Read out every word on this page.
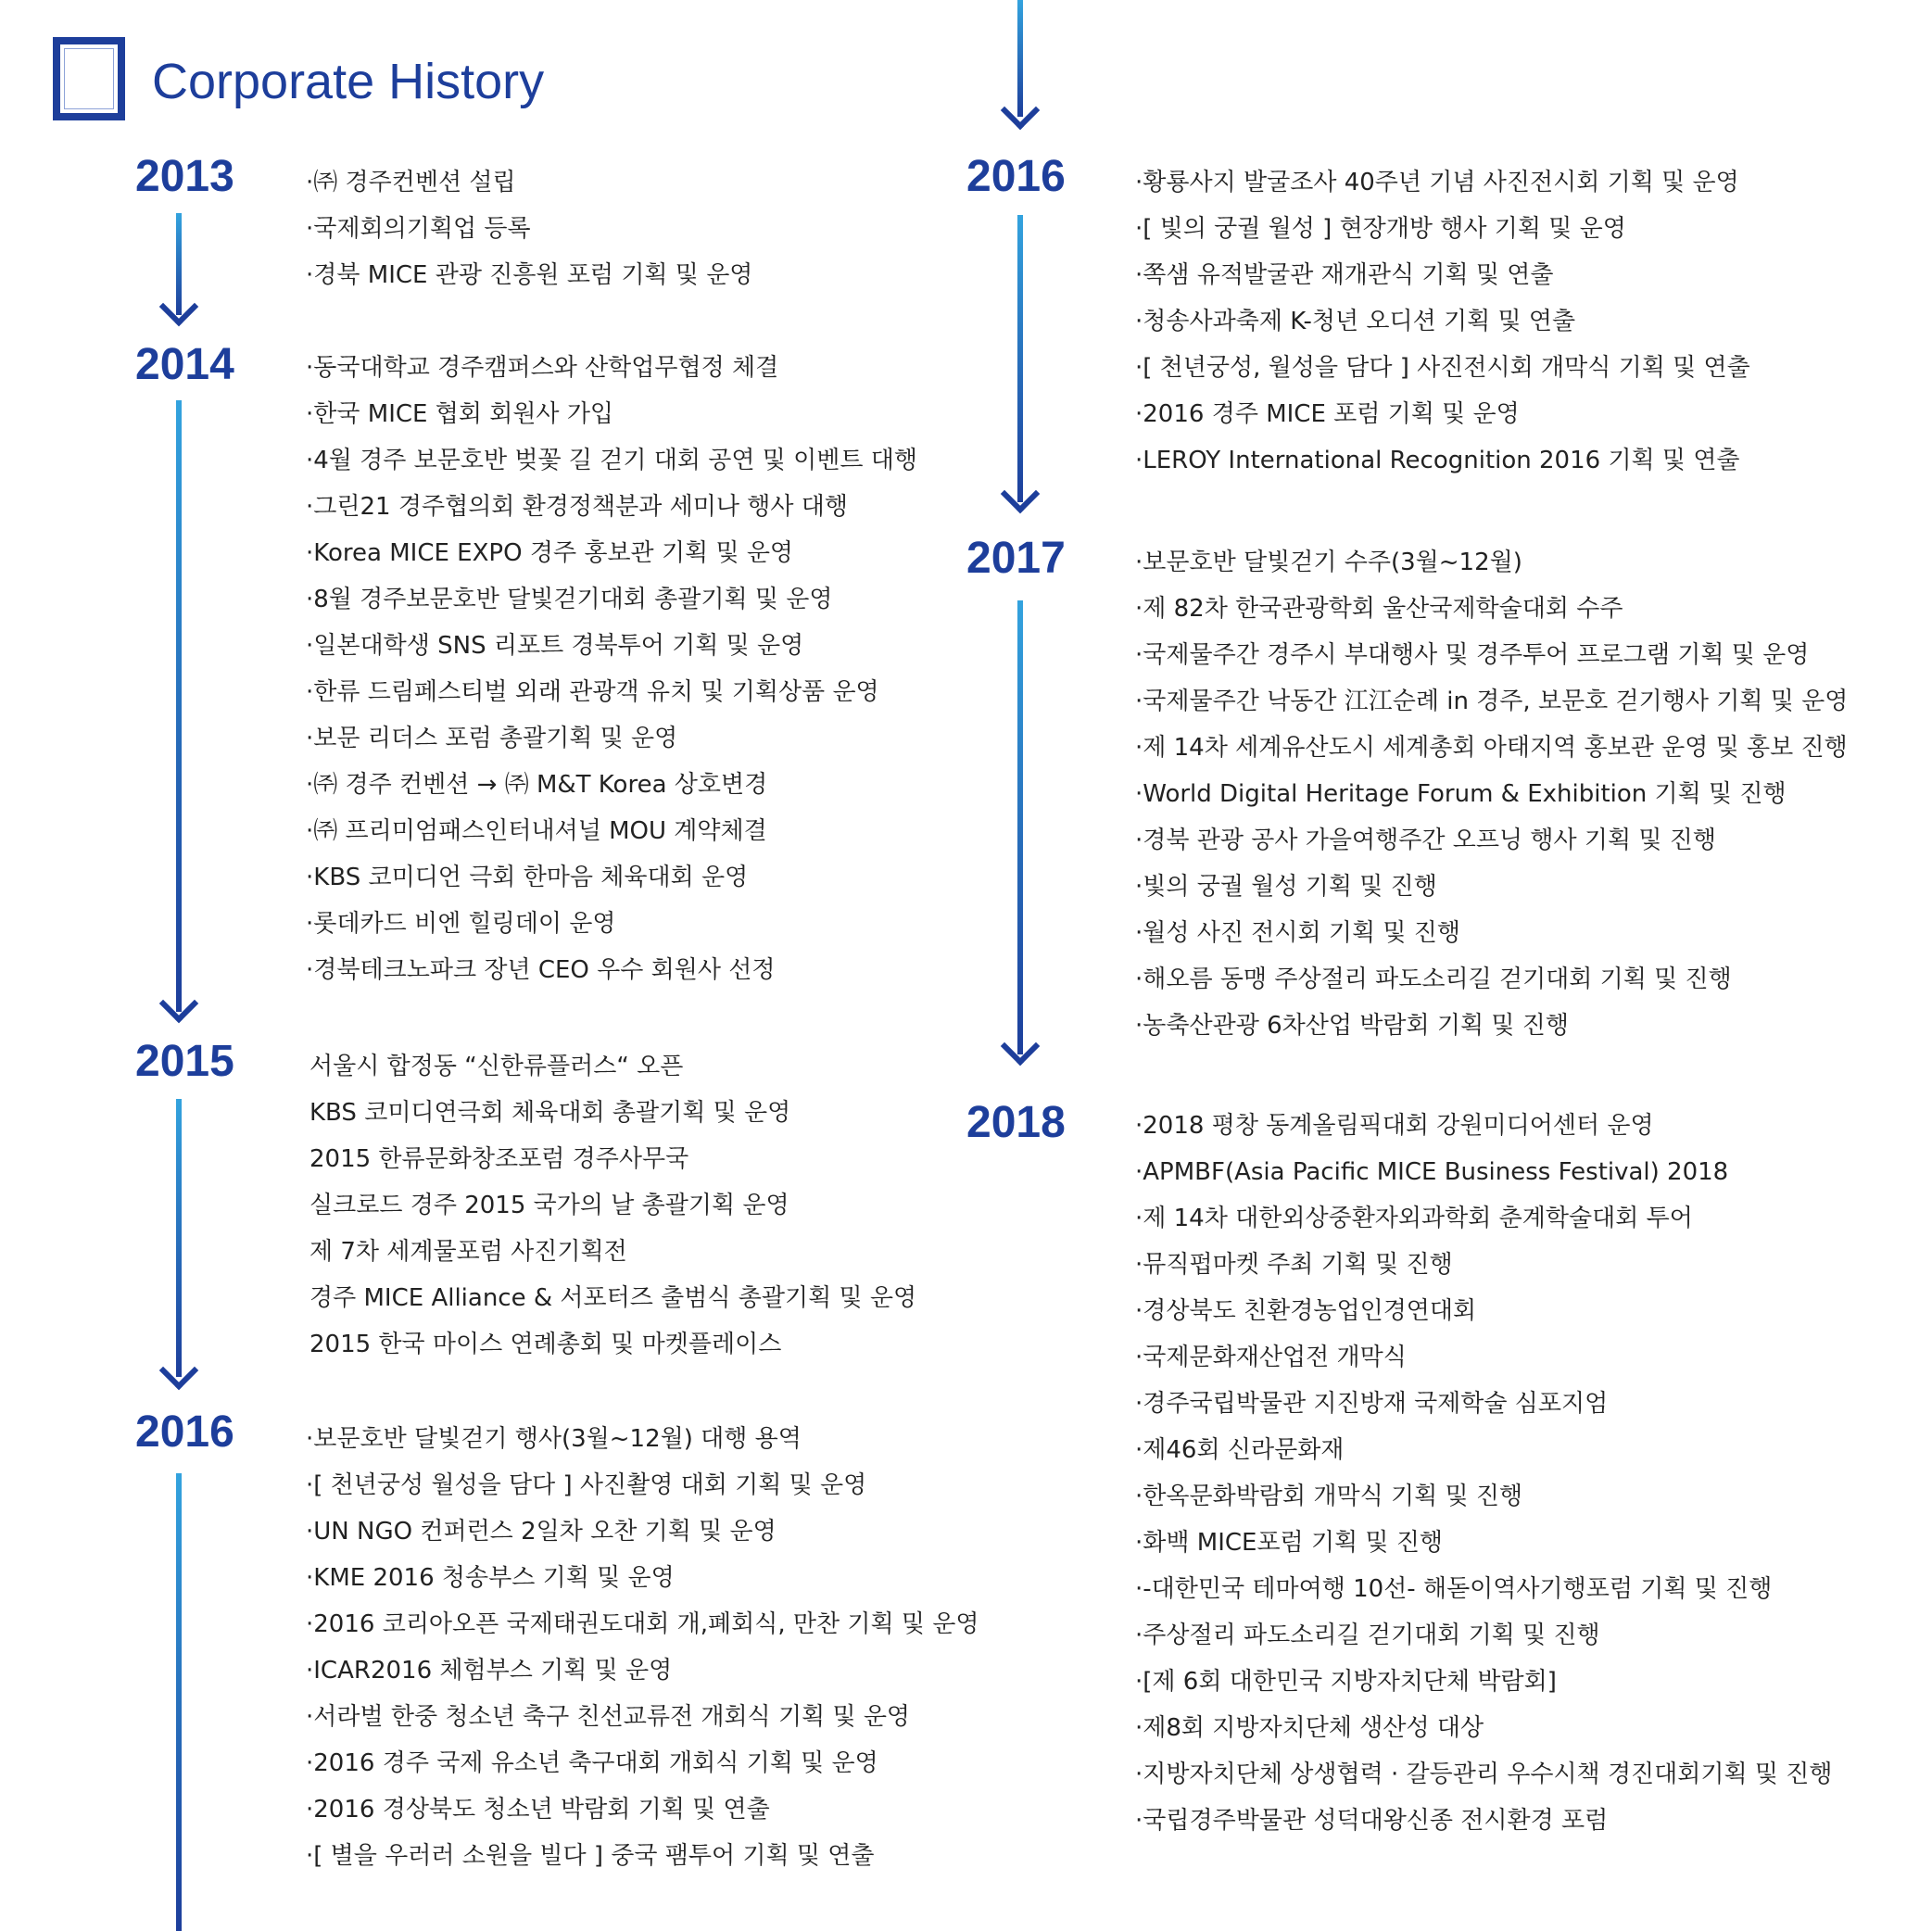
Corporate History
2013	·㈜ 경주컨벤션 설립
·국제회의기획업 등록
·경북 MICE 관광 진흥원 포럼 기획 및 운영
2014	·동국대학교 경주캠퍼스와 산학업무협정 체결
·한국 MICE 협회 회원사 가입
·4월 경주 보문호반 벚꽃 길 걷기 대회 공연 및 이벤트 대행
·그린21 경주협의회 환경정책분과 세미나 행사 대행
·Korea MICE EXPO 경주 홍보관 기획 및 운영
·8월 경주보문호반 달빛걷기대회 총괄기획 및 운영
·일본대학생 SNS 리포트 경북투어 기획 및 운영
·한류 드림페스티벌 외래 관광객 유치 및 기획상품 운영
·보문 리더스 포럼 총괄기획 및 운영
·㈜ 경주 컨벤션 → ㈜ M&T Korea 상호변경
·㈜ 프리미엄패스인터내셔널 MOU 계약체결
·KBS 코미디언 극회 한마음 체육대회 운영
·롯데카드 비엔 힐링데이 운영
·경북테크노파크 장년 CEO 우수 회원사 선정
2015	서울시 합정동 “신한류플러스“ 오픈
KBS 코미디연극회 체육대회 총괄기획 및 운영
2015 한류문화창조포럼 경주사무국
실크로드 경주 2015 국가의 날 총괄기획 운영
제 7차 세계물포럼 사진기획전
경주 MICE Alliance & 서포터즈 출범식 총괄기획 및 운영
2015 한국 마이스 연례총회 및 마켓플레이스
2016	·보문호반 달빛걷기 행사(3월~12월) 대행 용역
·[ 천년궁성 월성을 담다 ] 사진촬영 대회 기획 및 운영
·UN NGO 컨퍼런스 2일차 오찬 기획 및 운영
·KME 2016 청송부스 기획 및 운영
·2016 코리아오픈 국제태권도대회 개,폐회식, 만찬 기획 및 운영
·ICAR2016 체험부스 기획 및 운영
·서라벌 한중 청소년 축구 친선교류전 개회식 기획 및 운영
·2016 경주 국제 유소년 축구대회 개회식 기획 및 운영
·2016 경상북도 청소년 박람회 기획 및 연출
·[ 별을 우러러 소원을 빌다 ] 중국 팸투어 기획 및 연출
2016	·황룡사지 발굴조사 40주년 기념 사진전시회 기획 및 운영
·[ 빛의 궁궐 월성 ] 현장개방 행사 기획 및 운영
·쪽샘 유적발굴관 재개관식 기획 및 연출
·청송사과축제 K-청년 오디션 기획 및 연출
·[ 천년궁성, 월성을 담다 ] 사진전시회 개막식 기획 및 연출
·2016 경주 MICE 포럼 기획 및 운영
·LEROY International Recognition 2016 기획 및 연출
2017	·보문호반 달빛걷기 수주(3월~12월)
·제 82차 한국관광학회 울산국제학술대회 수주
·국제물주간 경주시 부대행사 및 경주투어 프로그램 기획 및 운영
·국제물주간 낙동간 江江순례 in 경주, 보문호 걷기행사 기획 및 운영
·제 14차 세계유산도시 세계총회 아태지역 홍보관 운영 및 홍보 진행
·World Digital Heritage Forum & Exhibition 기획 및 진행
·경북 관광 공사 가을여행주간 오프닝 행사 기획 및 진행
·빛의 궁궐 월성 기획 및 진행
·월성 사진 전시회 기획 및 진행
·해오름 동맹 주상절리 파도소리길 걷기대회 기획 및 진행
·농축산관광 6차산업 박람회 기획 및 진행
2018	·2018 평창 동계올림픽대회 강원미디어센터 운영
·APMBF(Asia Pacific MICE Business Festival) 2018
·제 14차 대한외상중환자외과학회 춘계학술대회 투어
·뮤직펍마켓 주최 기획 및 진행
·경상북도 친환경농업인경연대회
·국제문화재산업전 개막식
·경주국립박물관 지진방재 국제학술 심포지엄
·제46회 신라문화재
·한옥문화박람회 개막식 기획 및 진행
·화백 MICE포럼 기획 및 진행
·-대한민국 테마여행 10선- 해돋이역사기행포럼 기획 및 진행
·주상절리 파도소리길 걷기대회 기획 및 진행
·[제 6회 대한민국 지방자치단체 박람회]
·제8회 지방자치단체 생산성 대상
·지방자치단체 상생협력 · 갈등관리 우수시책 경진대회기획 및 진행
·국립경주박물관 성덕대왕신종 전시환경 포럼
